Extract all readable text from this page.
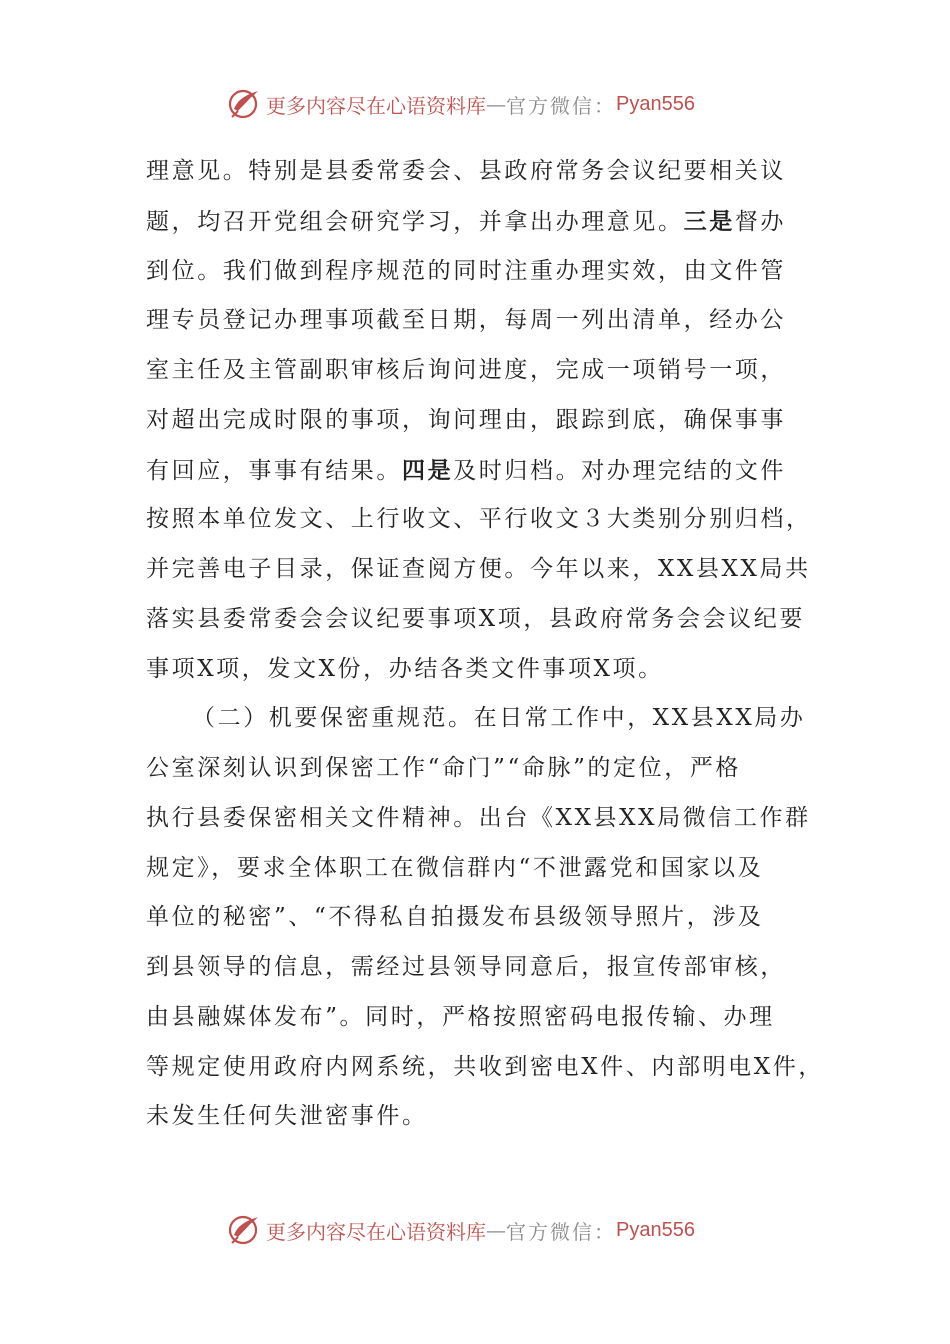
更多内容尽在心语资料库 — 官方微信： Pyan556
理意见。特别是县委常委会、县政府常务会议纪要相关议
题，均召开党组会研究学习，并拿出办理意见。三是督办
到位。我们做到程序规范的同时注重办理实效，由文件管
理专员登记办理事项截至日期，每周一列出清单，经办公
室主任及主管副职审核后询问进度，完成一项销号一项，
对超出完成时限的事项，询问理由，跟踪到底，确保事事
有回应，事事有结果。四是及时归档。对办理完结的文件
按照本单位发文、上行收文、平行收文３大类别分别归档，
并完善电子目录，保证查阅方便。今年以来，XX县XX局共
落实县委常委会会议纪要事项X项，县政府常务会会议纪要
事项X项，发文X份，办结各类文件事项X项。
（二）机要保密重规范。在日常工作中，XX县XX局办
公室深刻认识到保密工作“命门”“命脉”的定位，严格
执行县委保密相关文件精神。出台《XX县XX局微信工作群
规定》，要求全体职工在微信群内“不泄露党和国家以及
单位的秘密”、“不得私自拍摄发布县级领导照片，涉及
到县领导的信息，需经过县领导同意后，报宣传部审核，
由县融媒体发布”。同时，严格按照密码电报传输、办理
等规定使用政府内网系统，共收到密电X件、内部明电X件，
未发生任何失泄密事件。
更多内容尽在心语资料库 — 官方微信： Pyan556
